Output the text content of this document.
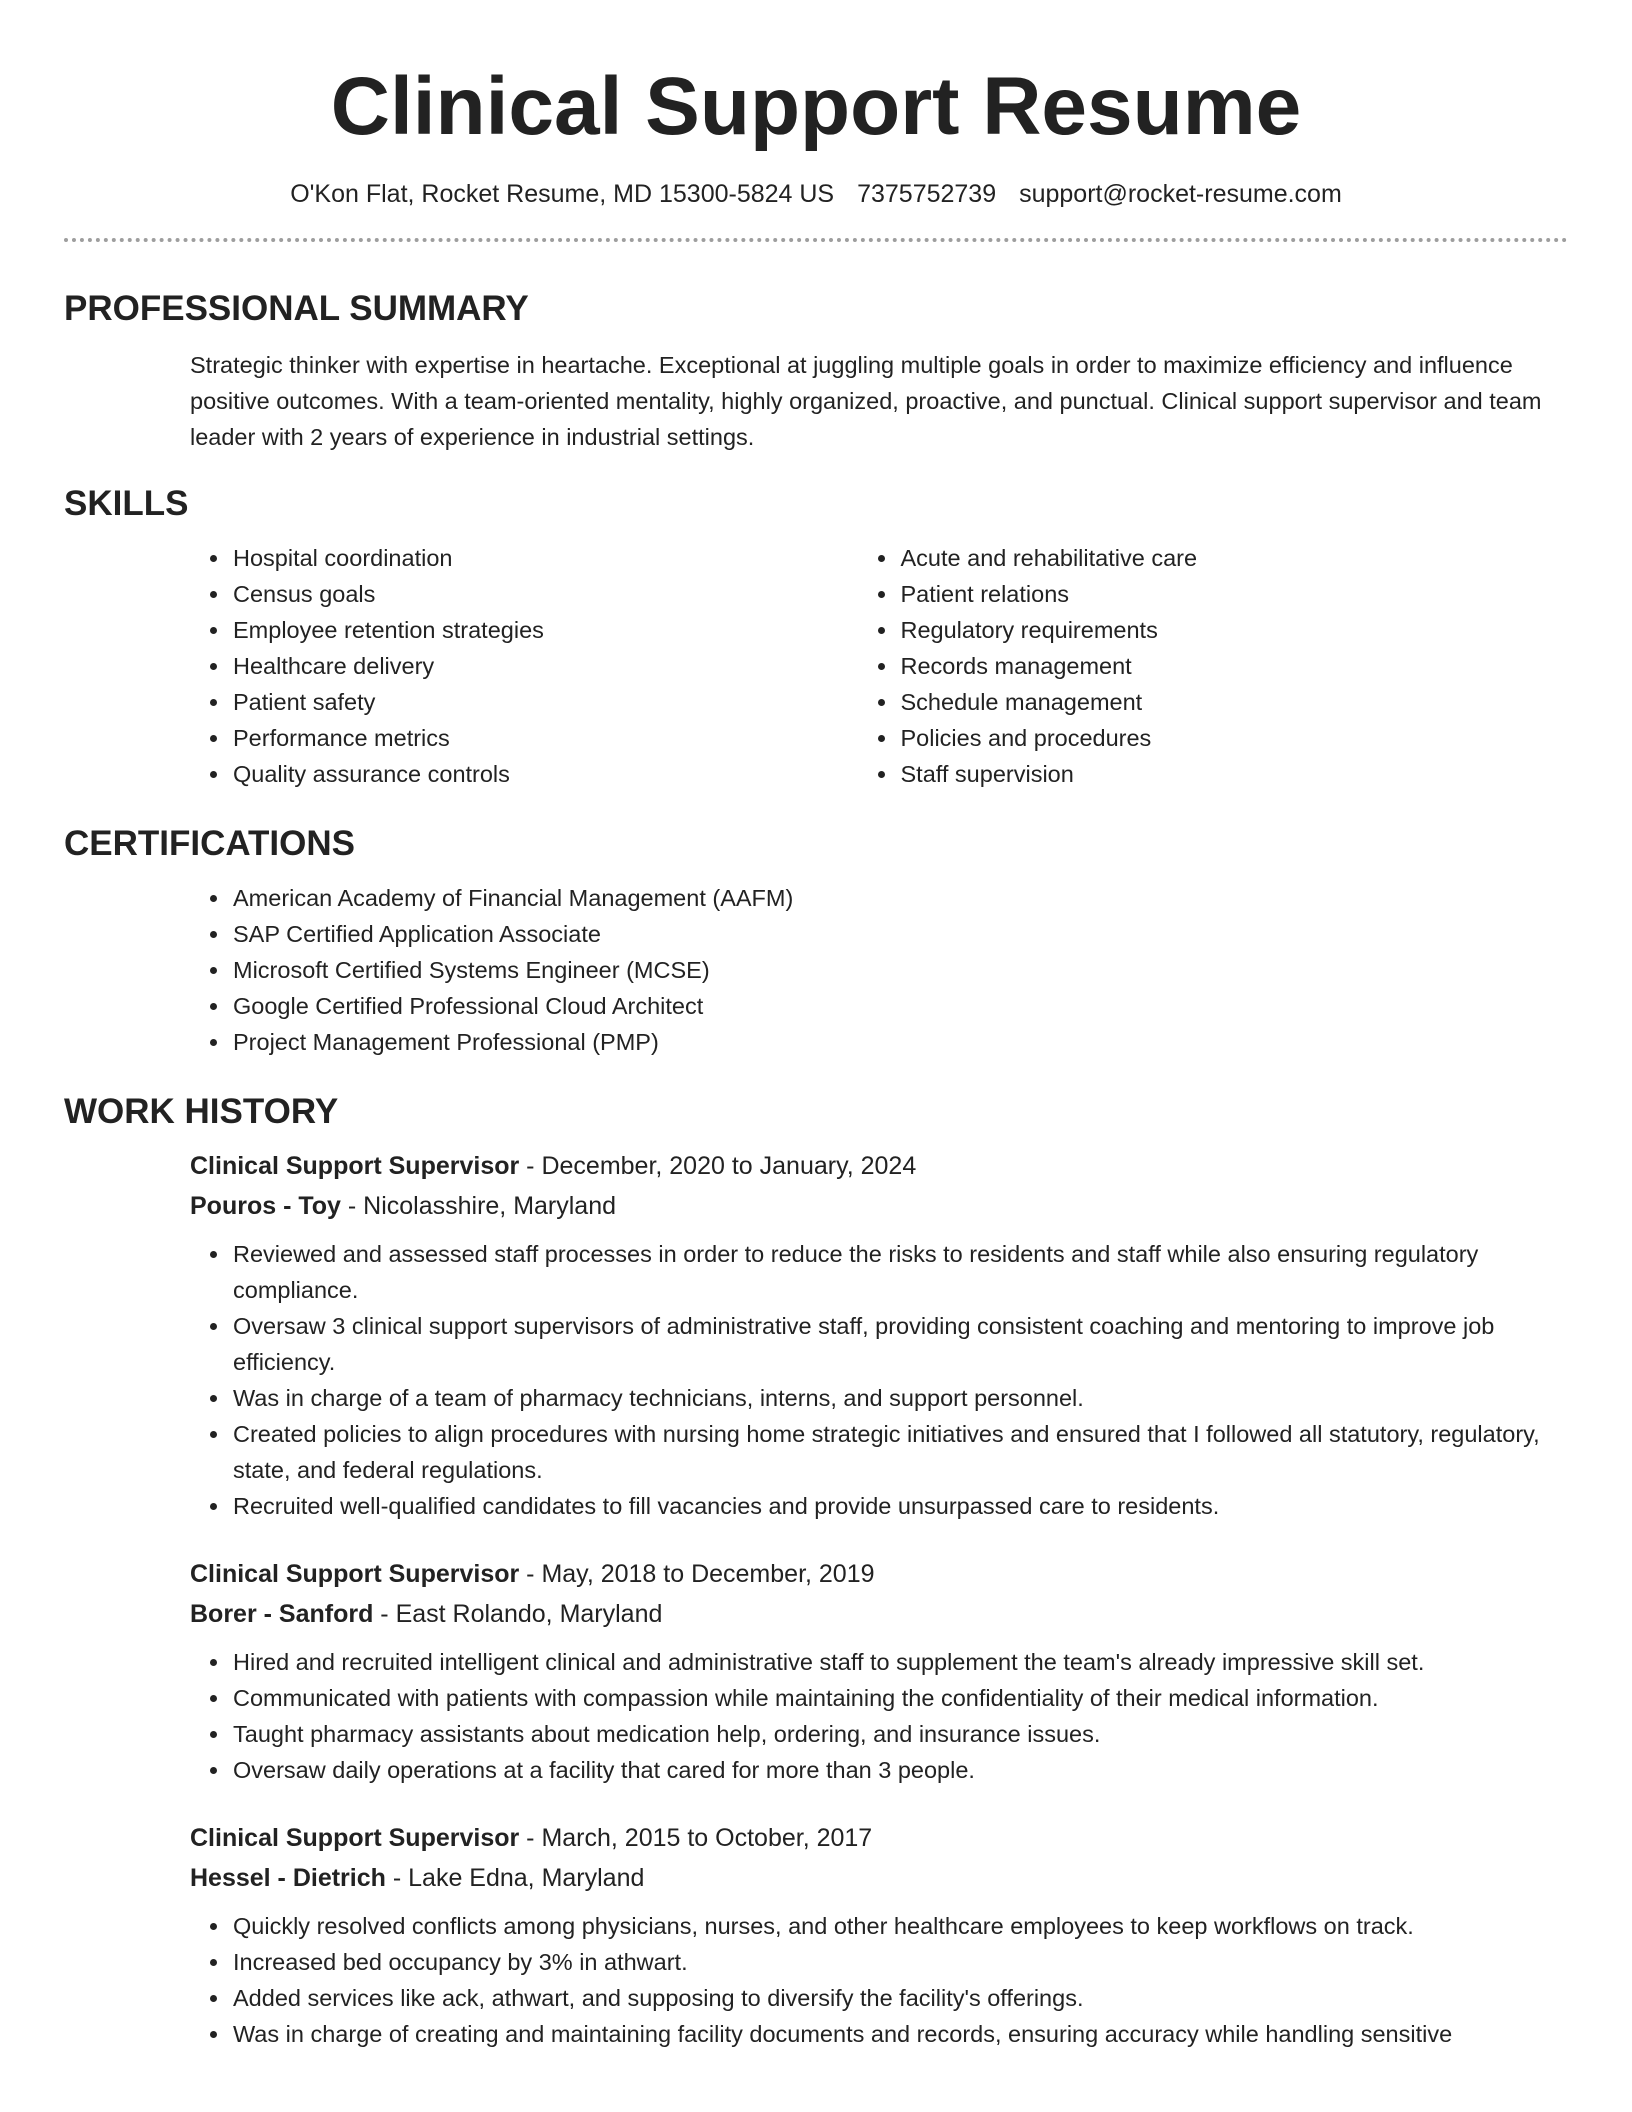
Clinical Support Resume
O'Kon Flat, Rocket Resume, MD 15300-5824 US 7375752739 support@rocket-resume.com
PROFESSIONAL SUMMARY

Strategic thinker with expertise in heartache. Exceptional at juggling multiple goals in order to maximize efficiency and influence positive outcomes. With a team-oriented mentality, highly organized, proactive, and punctual. Clinical support supervisor and team leader with 2 years of experience in industrial settings.

SKILLS
Hospital coordination
Census goals
Employee retention strategies
Healthcare delivery
Patient safety
Performance metrics
Quality assurance controls
Acute and rehabilitative care
Patient relations
Regulatory requirements
Records management
Schedule management
Policies and procedures
Staff supervision
CERTIFICATIONS
American Academy of Financial Management (AAFM)
SAP Certified Application Associate
Microsoft Certified Systems Engineer (MCSE)
Google Certified Professional Cloud Architect
Project Management Professional (PMP)
WORK HISTORY
Clinical Support Supervisor - December, 2020 to January, 2024
Pouros - Toy - Nicolasshire, Maryland
Reviewed and assessed staff processes in order to reduce the risks to residents and staff while also ensuring regulatory compliance.
Oversaw 3 clinical support supervisors of administrative staff, providing consistent coaching and mentoring to improve job efficiency.
Was in charge of a team of pharmacy technicians, interns, and support personnel.
Created policies to align procedures with nursing home strategic initiatives and ensured that I followed all statutory, regulatory, state, and federal regulations.
Recruited well-qualified candidates to fill vacancies and provide unsurpassed care to residents.
Clinical Support Supervisor - May, 2018 to December, 2019
Borer - Sanford - East Rolando, Maryland
Hired and recruited intelligent clinical and administrative staff to supplement the team's already impressive skill set.
Communicated with patients with compassion while maintaining the confidentiality of their medical information.
Taught pharmacy assistants about medication help, ordering, and insurance issues.
Oversaw daily operations at a facility that cared for more than 3 people.
Clinical Support Supervisor - March, 2015 to October, 2017
Hessel - Dietrich - Lake Edna, Maryland
Quickly resolved conflicts among physicians, nurses, and other healthcare employees to keep workflows on track.
Increased bed occupancy by 3% in athwart.
Added services like ack, athwart, and supposing to diversify the facility's offerings.
Was in charge of creating and maintaining facility documents and records, ensuring accuracy while handling sensitive
